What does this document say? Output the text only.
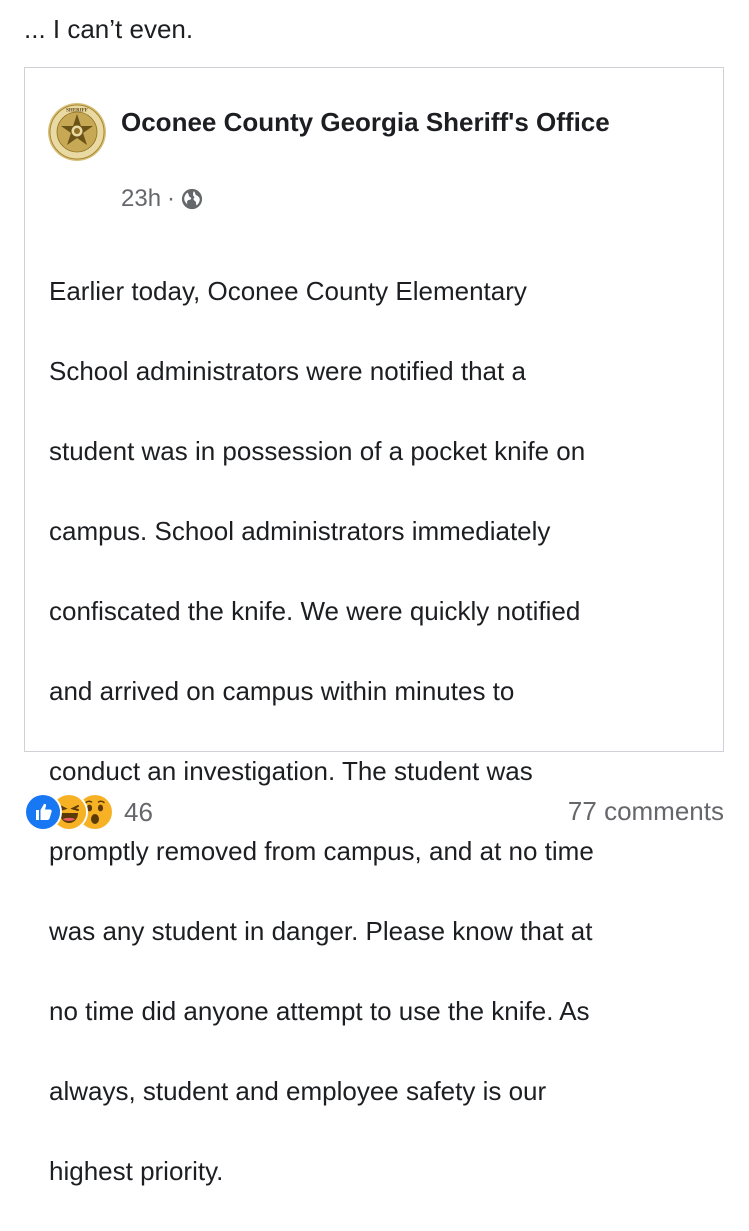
... I can’t even.
SHERIFF Oconee County Georgia Sheriff's Office
23h ·

Earlier today, Oconee County Elementary

School administrators were notified that a

student was in possession of a pocket knife on

campus. School administrators immediately

confiscated the knife. We were quickly notified

and arrived on campus within minutes to

conduct an investigation. The student was

promptly removed from campus, and at no time

was any student in danger. Please know that at

no time did anyone attempt to use the knife. As

always, student and employee safety is our

highest priority.

46	77 comments
